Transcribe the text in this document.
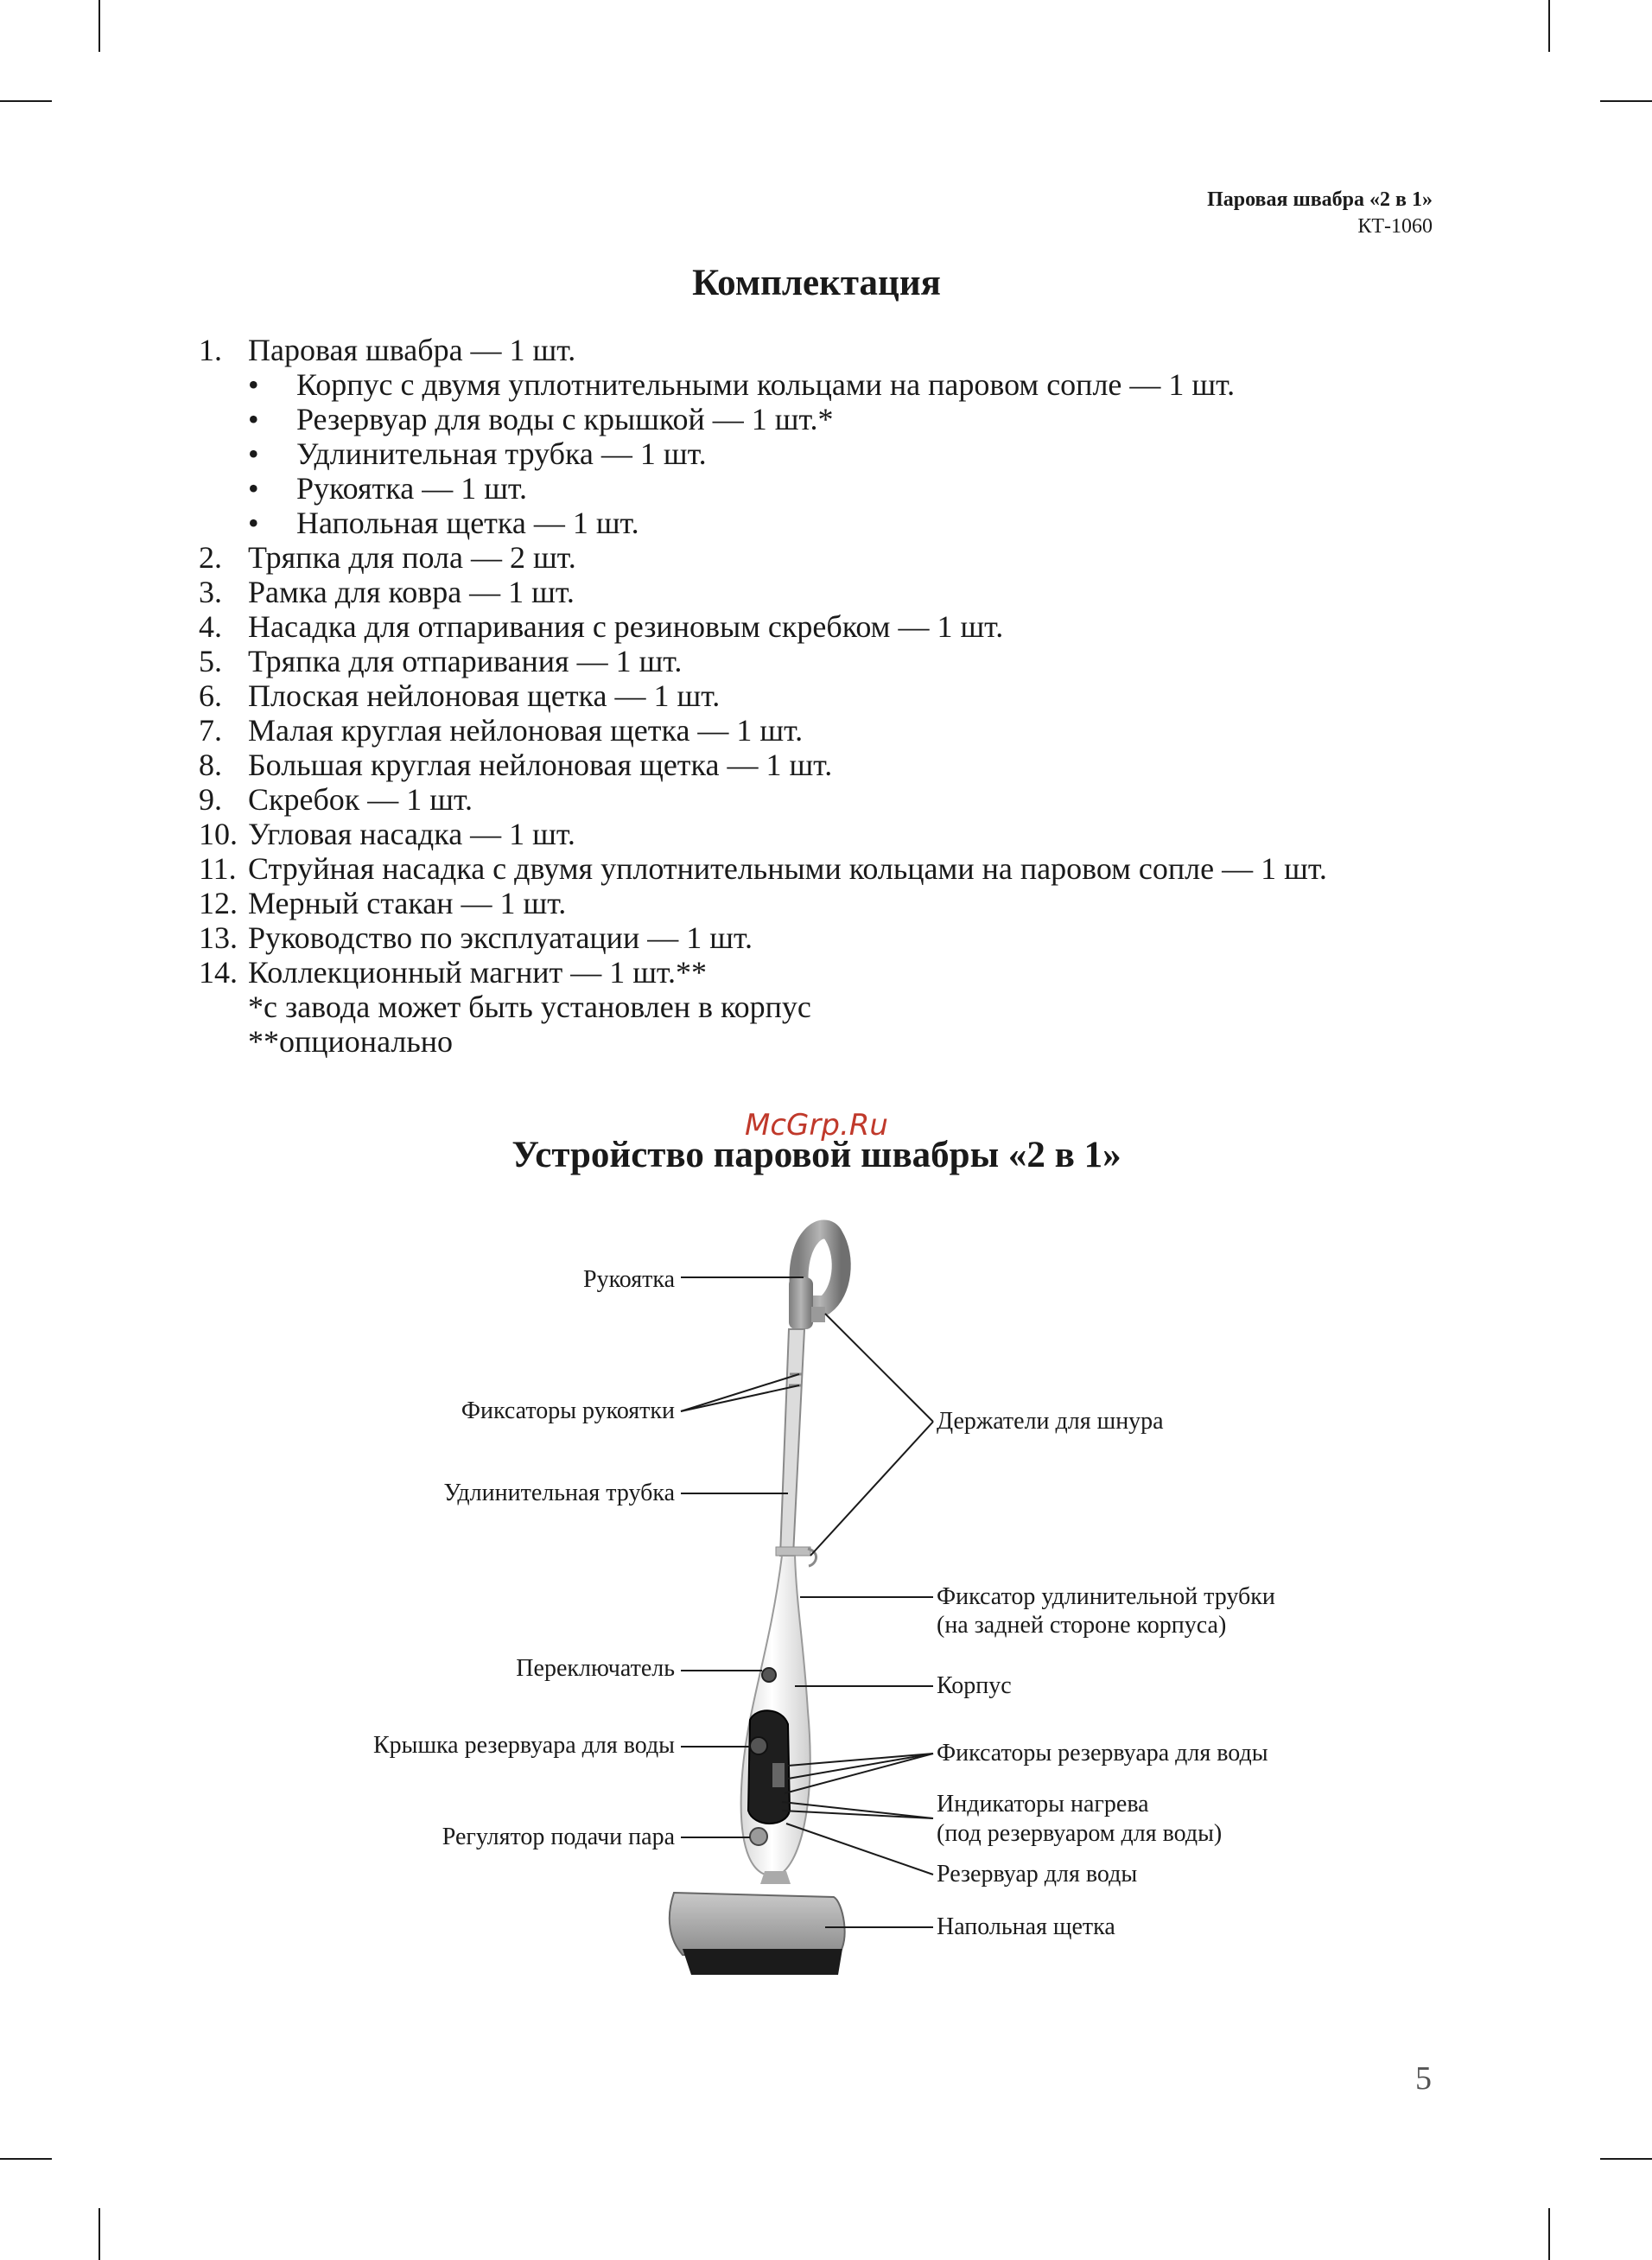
Паровая швабра «2 в 1»
КТ-1060
Комплектация
1. Паровая швабра — 1 шт.
• Корпус с двумя уплотнительными кольцами на паровом сопле — 1 шт.
• Резервуар для воды с крышкой — 1 шт.*
• Удлинительная трубка — 1 шт.
• Рукоятка — 1 шт.
• Напольная щетка — 1 шт.
2. Тряпка для пола — 2 шт.
3. Рамка для ковра — 1 шт.
4. Насадка для отпаривания с резиновым скребком — 1 шт.
5. Тряпка для отпаривания — 1 шт.
6. Плоская нейлоновая щетка — 1 шт.
7. Малая круглая нейлоновая щетка — 1 шт.
8. Большая круглая нейлоновая щетка — 1 шт.
9. Скребок — 1 шт.
10. Угловая насадка — 1 шт.
11. Струйная насадка с двумя уплотнительными кольцами на паровом сопле — 1 шт.
12. Мерный стакан — 1 шт.
13. Руководство по эксплуатации — 1 шт.
14. Коллекционный магнит — 1 шт.**
*с завода может быть установлен в корпус
**опционально
McGrp.Ru
Устройство паровой швабры «2 в 1»
Рукоятка
Фиксаторы рукоятки
Удлинительная трубка
Переключатель
Крышка резервуара для воды
Регулятор подачи пара
Держатели для шнура
Фиксатор удлинительной трубки
(на задней стороне корпуса)
Корпус
Фиксаторы резервуара для воды
Индикаторы нагрева
(под резервуаром для воды)
Резервуар для воды
Напольная щетка
5
